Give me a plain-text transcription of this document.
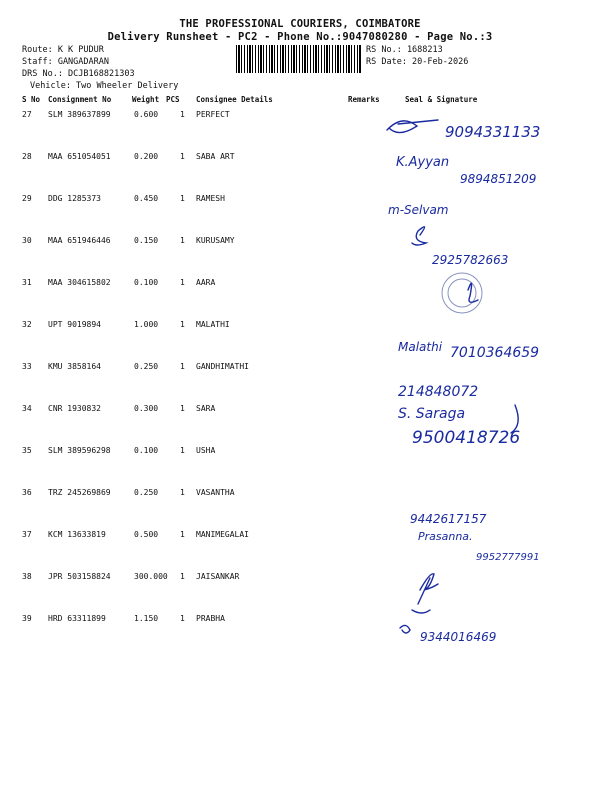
THE PROFESSIONAL COURIERS, COIMBATORE
Delivery Runsheet - PC2 - Phone No.:9047080280 - Page No.:3
Route: K K PUDUR
Staff: GANGADARAN
DRS No.: DCJB168821303
Vehicle: Two Wheeler Delivery
RS No.: 1688213
RS Date: 20-Feb-2026
S No Consignment No	Weight PCS Consignee Details	Remarks	Seal & Signature
27 SLM 389637899	0.600	1 PERFECT
28 MAA 651054051	0.200	1 SABA ART
29 DDG 1285373	0.450	1 RAMESH
30 MAA 651946446	0.150	1 KURUSAMY
31 MAA 304615802	0.100	1 AARA
32 UPT 9019894	1.000	1 MALATHI
33 KMU 3858164	0.250	1 GANDHIMATHI
34 CNR 1930832	0.300	1 SARA
35 SLM 389596298	0.100	1 USHA
36 TRZ 245269869	0.250	1 VASANTHA
37 KCM 13633819	0.500	1 MANIMEGALAI
38 JPR 503158824	300.000 1 JAISANKAR
39 HRD 63311899	1.150	1 PRABHA
9094331133
K.Ayyan
9894851209
m-Selvam
2925782663
Malathi 7010364659
214848072
S. Saraga
9500418726
9442617157
Prasanna.
9952777991
9344016469
